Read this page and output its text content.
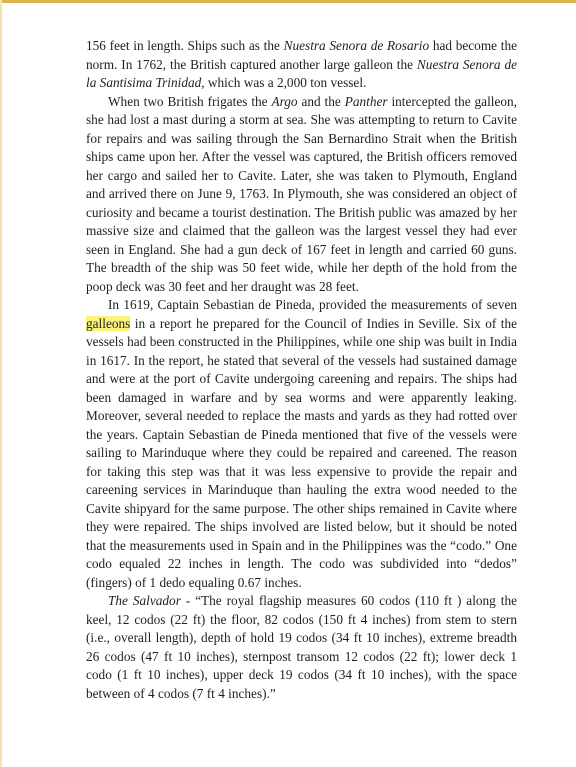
156 feet in length. Ships such as the Nuestra Senora de Rosario had become the norm. In 1762, the British captured another large galleon the Nuestra Senora de la Santisima Trinidad, which was a 2,000 ton vessel.

When two British frigates the Argo and the Panther intercepted the galleon, she had lost a mast during a storm at sea. She was attempting to return to Cavite for repairs and was sailing through the San Bernardino Strait when the British ships came upon her. After the vessel was captured, the British officers removed her cargo and sailed her to Cavite. Later, she was taken to Plymouth, England and arrived there on June 9, 1763. In Plymouth, she was considered an object of curiosity and became a tourist destination. The British public was amazed by her massive size and claimed that the galleon was the largest vessel they had ever seen in England. She had a gun deck of 167 feet in length and carried 60 guns. The breadth of the ship was 50 feet wide, while her depth of the hold from the poop deck was 30 feet and her draught was 28 feet.

In 1619, Captain Sebastian de Pineda, provided the measurements of seven galleons in a report he prepared for the Council of Indies in Seville. Six of the vessels had been constructed in the Philippines, while one ship was built in India in 1617. In the report, he stated that several of the vessels had sustained damage and were at the port of Cavite undergoing careening and repairs. The ships had been damaged in warfare and by sea worms and were apparently leaking. Moreover, several needed to replace the masts and yards as they had rotted over the years. Captain Sebastian de Pineda mentioned that five of the vessels were sailing to Marinduque where they could be repaired and careened. The reason for taking this step was that it was less expensive to provide the repair and careening services in Marinduque than hauling the extra wood needed to the Cavite shipyard for the same purpose. The other ships remained in Cavite where they were repaired. The ships involved are listed below, but it should be noted that the measurements used in Spain and in the Philippines was the “codo.” One codo equaled 22 inches in length. The codo was subdivided into “dedos” (fingers) of 1 dedo equaling 0.67 inches.

The Salvador - “The royal flagship measures 60 codos (110 ft ) along the keel, 12 codos (22 ft) the floor, 82 codos (150 ft 4 inches) from stem to stern (i.e., overall length), depth of hold 19 codos (34 ft 10 inches), extreme breadth 26 codos (47 ft 10 inches), sternpost transom 12 codos (22 ft); lower deck 1 codo (1 ft 10 inches), upper deck 19 codos (34 ft 10 inches), with the space between of 4 codos (7 ft 4 inches).”
